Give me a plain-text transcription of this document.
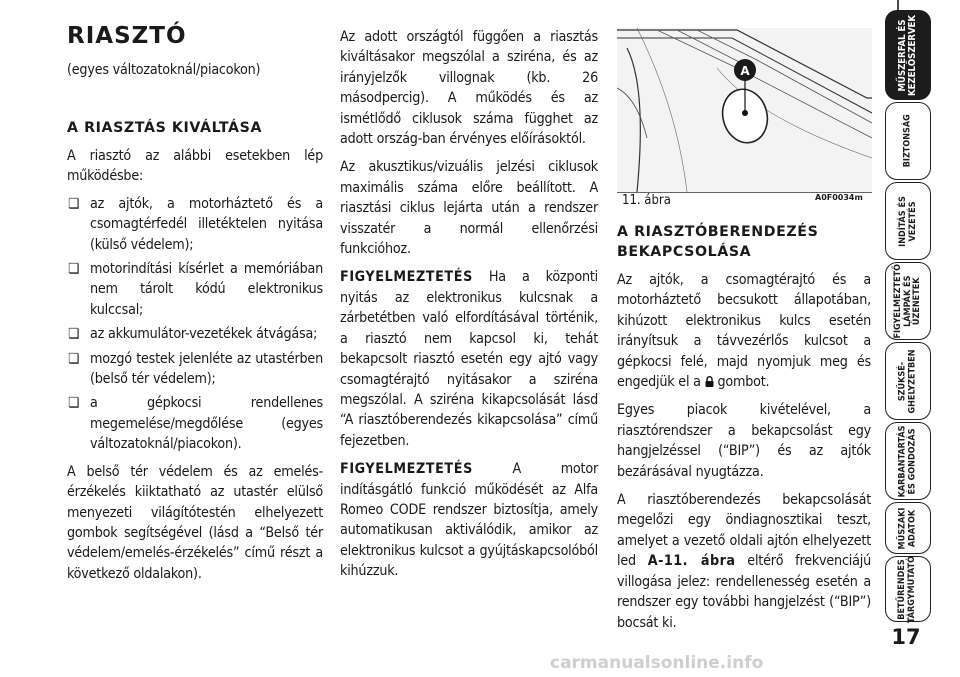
RIASZTÓ
(egyes változatoknál/piacokon)
A RIASZTÁS KIVÁLTÁSA

A riasztó az alábbi esetekben lép működésbe:

❏ az ajtók, a motorháztető és a csomagtérfedél illetéktelen nyitása (külső védelem);
❏ motorindítási kísérlet a memóriában nem tárolt kódú elektronikus kulccsal;
❏ az akkumulátor-vezetékek átvágása;
❏ mozgó testek jelenléte az utastérben (belső tér védelem);
❏ a gépkocsi rendellenes megemelése/megdőlése (egyes változatoknál/piacokon).

A belső tér védelem és az emelés-érzékelés kiiktatható az utastér elülső menyezeti világítótestén elhelyezett gombok segítségével (lásd a “Belső tér védelem/emelés-érzékelés” című részt a következő oldalakon).

Az adott országtól függően a riasztás kiváltásakor megszólal a sziréna, és az irányjelzők villognak (kb. 26 másodpercig). A működés és az ismétlődő ciklusok száma függhet az adott ország-ban érvényes előírásoktól.

Az akusztikus/vizuális jelzési ciklusok maximális száma előre beállított. A riasztási ciklus lejárta után a rendszer visszatér a normál ellenőrzési funkcióhoz.

FIGYELMEZTETÉS Ha a központi nyitás az elektronikus kulcsnak a zárbetétben való elfordításával történik, a riasztó nem kapcsol ki, tehát bekapcsolt riasztó esetén egy ajtó vagy csomagtérajtó nyitásakor a sziréna megszólal. A sziréna kikapcsolását lásd “A riasztóberendezés kikapcsolása” című fejezetben.

FIGYELMEZTETÉS	A motor indításgátló funkció működését az Alfa Romeo CODE rendszer biztosítja, amely automatikusan aktiválódik, amikor az elektronikus kulcsot a gyújtáskapcsolóból kihúzzuk.

A
11. ábra	A0F0034m
A RIASZTÓBERENDEZÉS
BEKAPCSOLÁSA

Az ajtók, a csomagtérajtó és a motorháztető becsukott állapotában, kihúzott elektronikus kulcs esetén irányítsuk a távvezérlős kulcsot a gépkocsi felé, majd nyomjuk meg és engedjük el a gombot.

Egyes piacok kivételével, a riasztórendszer a bekapcsolást egy hangjelzéssel (“BIP”) és az ajtók bezárásával nyugtázza.

A riasztóberendezés bekapcsolását megelőzi egy öndiagnosztikai teszt, amelyet a vezető oldali ajtón elhelyezett led A-11. ábra eltérő frekvenciájú villogása jelez: rendellenesség esetén a rendszer egy további hangjelzést (“BIP”) bocsát ki.

MŰSZERFAL ÉS
KEZELŐSZERVEK
BIZTONSÁG
INDÍTÁS ÉS
VEZETÉS
FIGYELMEZTETŐ
LÁMPÁK ÉS
ÜZENETEK
SZÜKSÉ-
GHELYZETBEN
KARBANTARTÁS
ÉS GONDOZÁS
MŰSZAKI
ADATOK
BETŰRENDES
TÁRGYMUTATÓ
17
carmanualsonline.info
